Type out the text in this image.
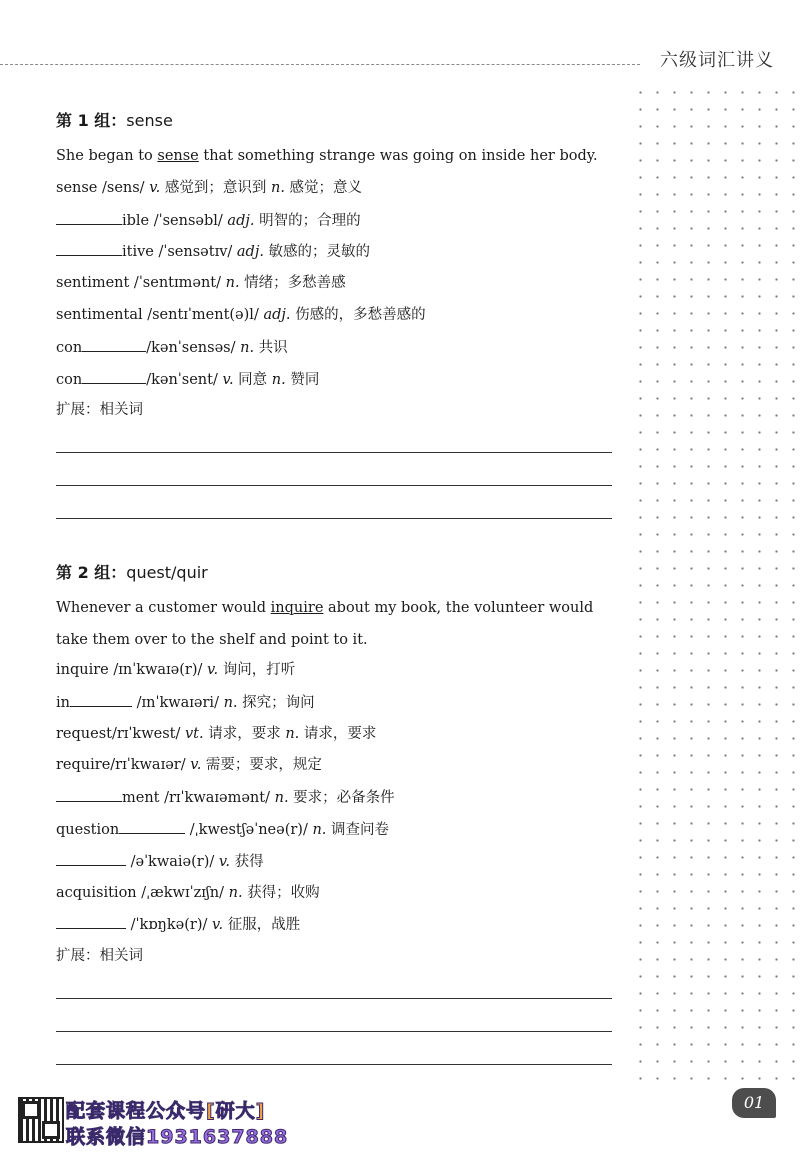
六级词汇讲义
第 1 组：sense
She began to sense that something strange was going on inside her body.
sense /sens/ v. 感觉到；意识到 n. 感觉；意义
ible /ˈsensəbl/ adj. 明智的；合理的
itive /ˈsensətɪv/ adj. 敏感的；灵敏的
sentiment /ˈsentɪmənt/ n. 情绪；多愁善感
sentimental /sentɪˈment(ə)l/ adj. 伤感的，多愁善感的
con	/kənˈsensəs/ n. 共识
con	/kənˈsent/ v. 同意 n. 赞同
扩展：相关词
第 2 组：quest/quir
Whenever a customer would inquire about my book, the volunteer would take them over to the shelf and point to it.
inquire /ɪnˈkwaɪə(r)/ v. 询问，打听
in	/ɪnˈkwaɪəri/ n. 探究；询问
request/rɪˈkwest/ vt. 请求，要求 n. 请求，要求
require/rɪˈkwaɪər/ v. 需要；要求，规定
ment /rɪˈkwaɪəmənt/ n. 要求；必备条件
question	/ˌkwestʃəˈneə(r)/ n. 调查问卷
/əˈkwaiə(r)/ v. 获得
acquisition /ˌækwɪˈzɪʃn/ n. 获得；收购
/ˈkɒŋkə(r)/ v. 征服，战胜
扩展：相关词
配套课程公众号[研大]
联系微信1931637888
01
